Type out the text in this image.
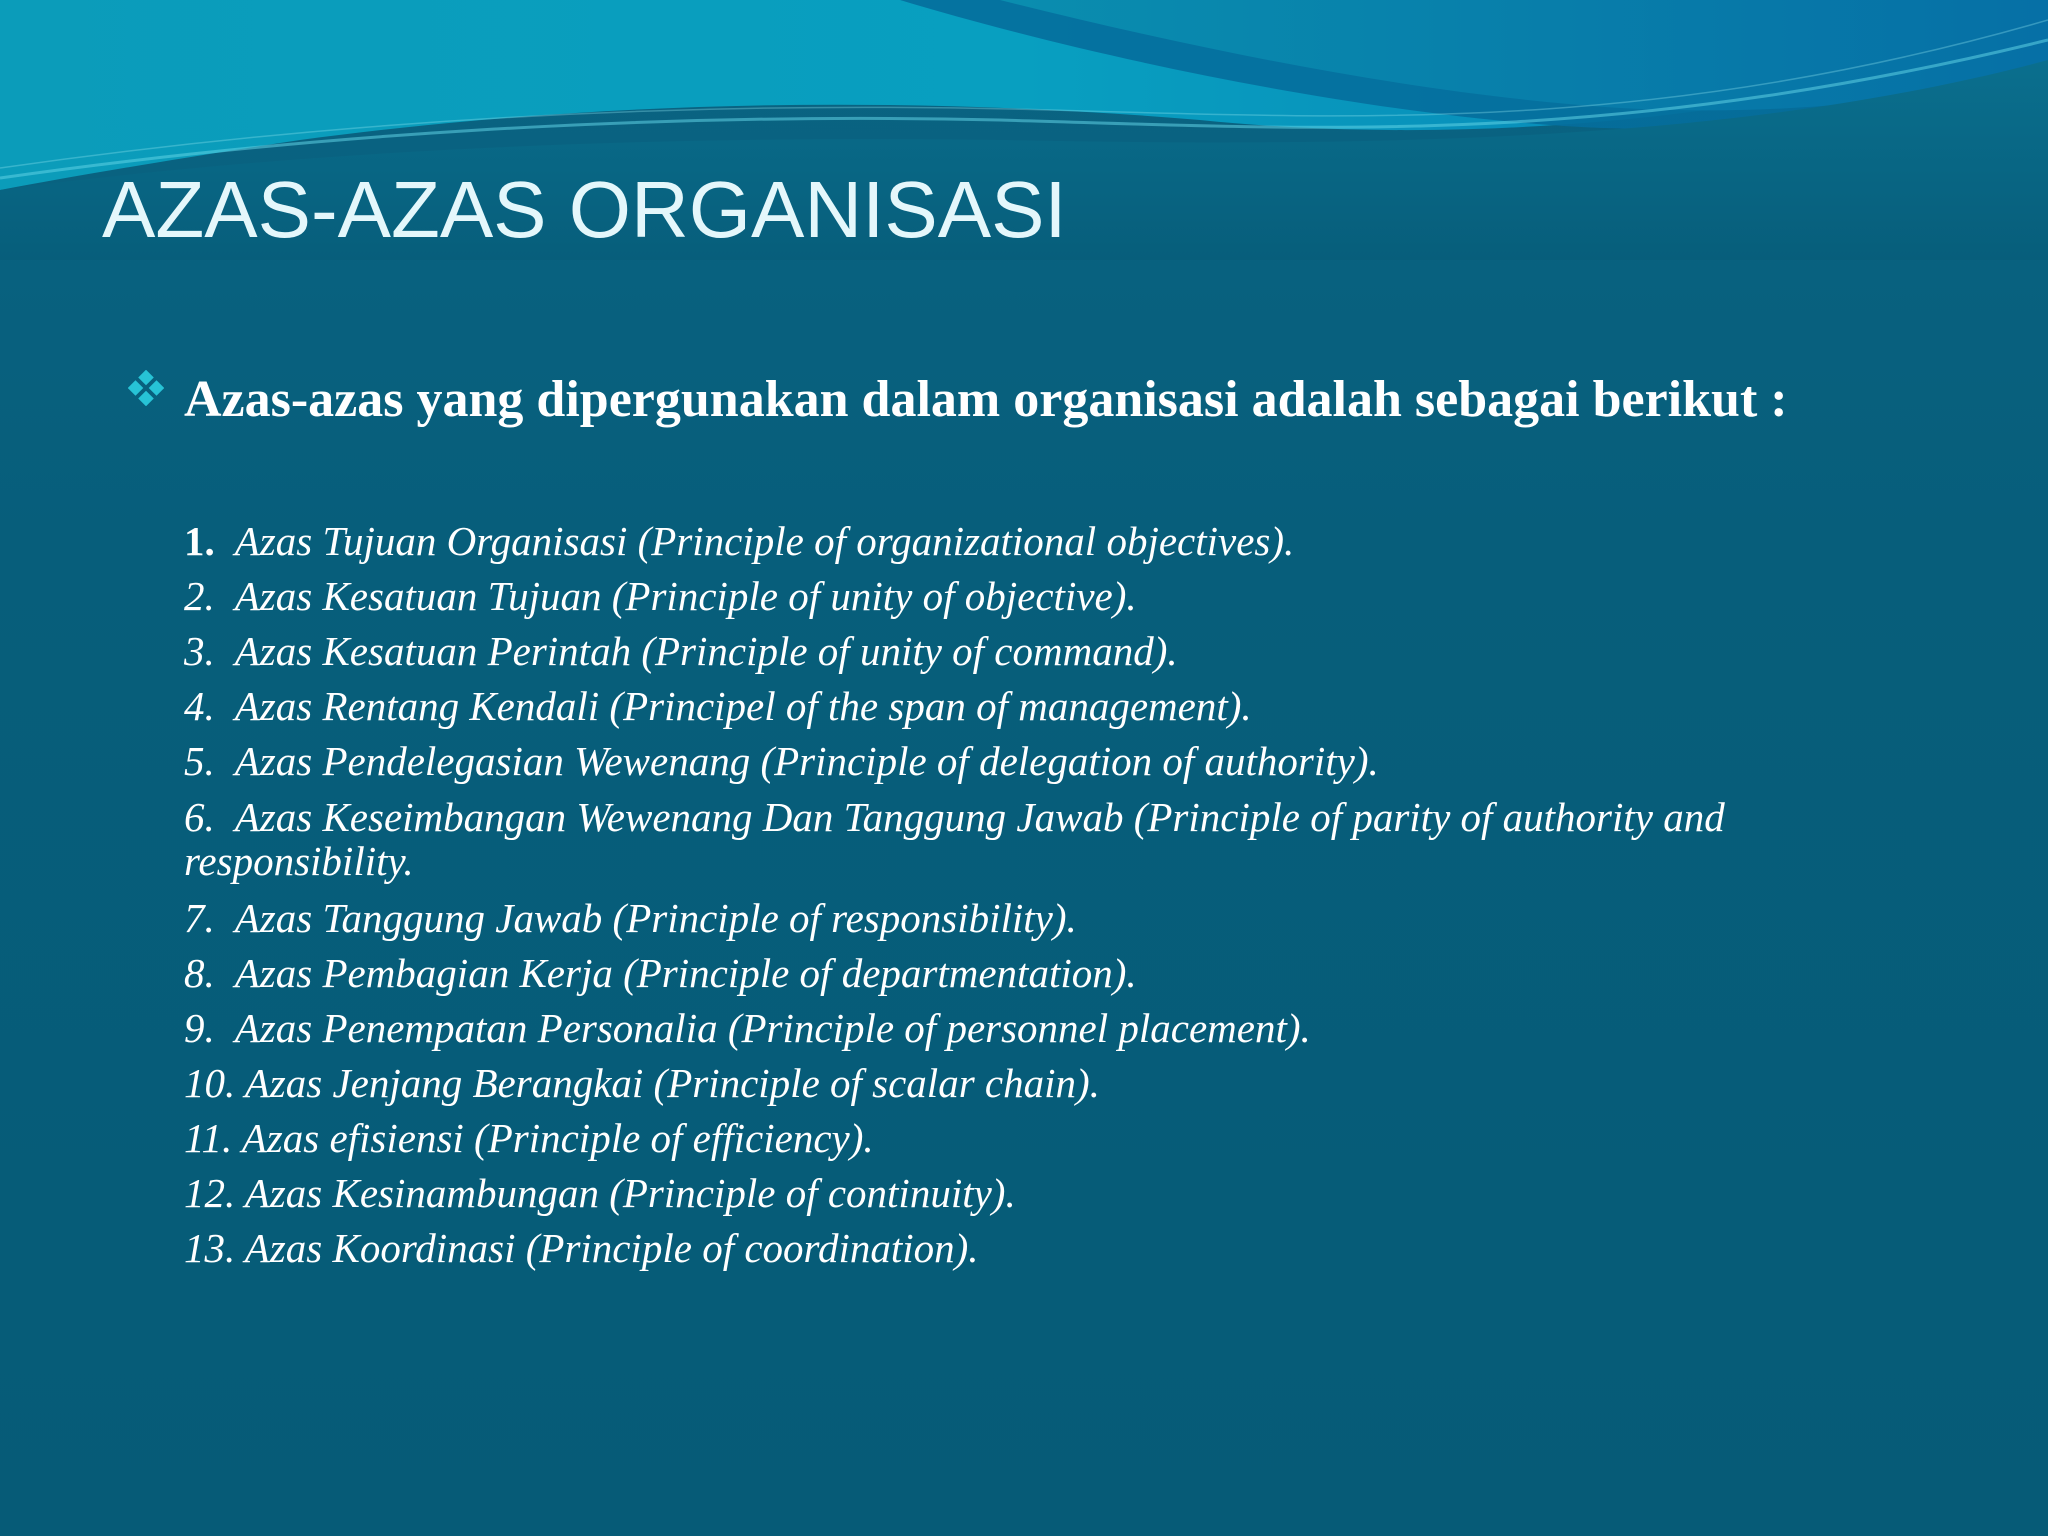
AZAS-AZAS ORGANISASI

Azas-azas yang dipergunakan dalam organisasi adalah sebagai berikut :

1. Azas Tujuan Organisasi (Principle of organizational objectives).
2. Azas Kesatuan Tujuan (Principle of unity of objective).
3. Azas Kesatuan Perintah (Principle of unity of command).
4. Azas Rentang Kendali (Principel of the span of management).
5. Azas Pendelegasian Wewenang (Principle of delegation of authority).
6. Azas Keseimbangan Wewenang Dan Tanggung Jawab (Principle of parity of authority and responsibility.
7. Azas Tanggung Jawab (Principle of responsibility).
8. Azas Pembagian Kerja (Principle of departmentation).
9. Azas Penempatan Personalia (Principle of personnel placement).
10. Azas Jenjang Berangkai (Principle of scalar chain).
11. Azas efisiensi (Principle of efficiency).
12. Azas Kesinambungan (Principle of continuity).
13. Azas Koordinasi (Principle of coordination).
